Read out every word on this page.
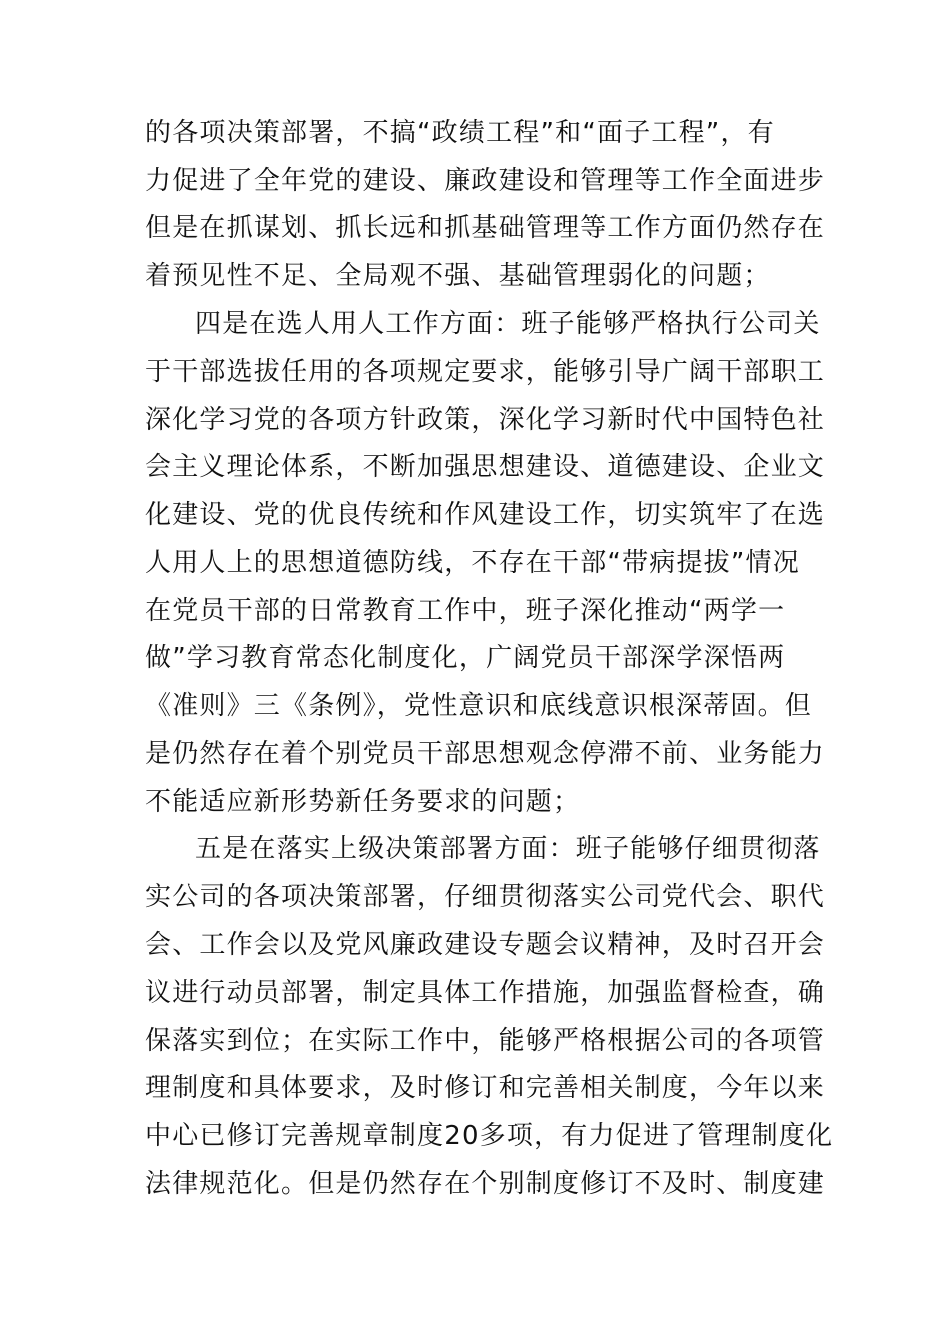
的各项决策部署，不搞“政绩工程”和“面子工程”，有
力促进了全年党的建设、廉政建设和管理等工作全面进步
但是在抓谋划、抓长远和抓基础管理等工作方面仍然存在
着预见性不足、全局观不强、基础管理弱化的问题；
四是在选人用人工作方面：班子能够严格执行公司关
于干部选拔任用的各项规定要求，能够引导广阔干部职工
深化学习党的各项方针政策，深化学习新时代中国特色社
会主义理论体系，不断加强思想建设、道德建设、企业文
化建设、党的优良传统和作风建设工作，切实筑牢了在选
人用人上的思想道德防线，不存在干部“带病提拔”情况
在党员干部的日常教育工作中，班子深化推动“两学一
做”学习教育常态化制度化，广阔党员干部深学深悟两
《准则》三《条例》，党性意识和底线意识根深蒂固。但
是仍然存在着个别党员干部思想观念停滞不前、业务能力
不能适应新形势新任务要求的问题；
五是在落实上级决策部署方面：班子能够仔细贯彻落
实公司的各项决策部署，仔细贯彻落实公司党代会、职代
会、工作会以及党风廉政建设专题会议精神，及时召开会
议进行动员部署，制定具体工作措施，加强监督检查，确
保落实到位；在实际工作中，能够严格根据公司的各项管
理制度和具体要求，及时修订和完善相关制度，今年以来
中心已修订完善规章制度20多项，有力促进了管理制度化
法律规范化。但是仍然存在个别制度修订不及时、制度建
